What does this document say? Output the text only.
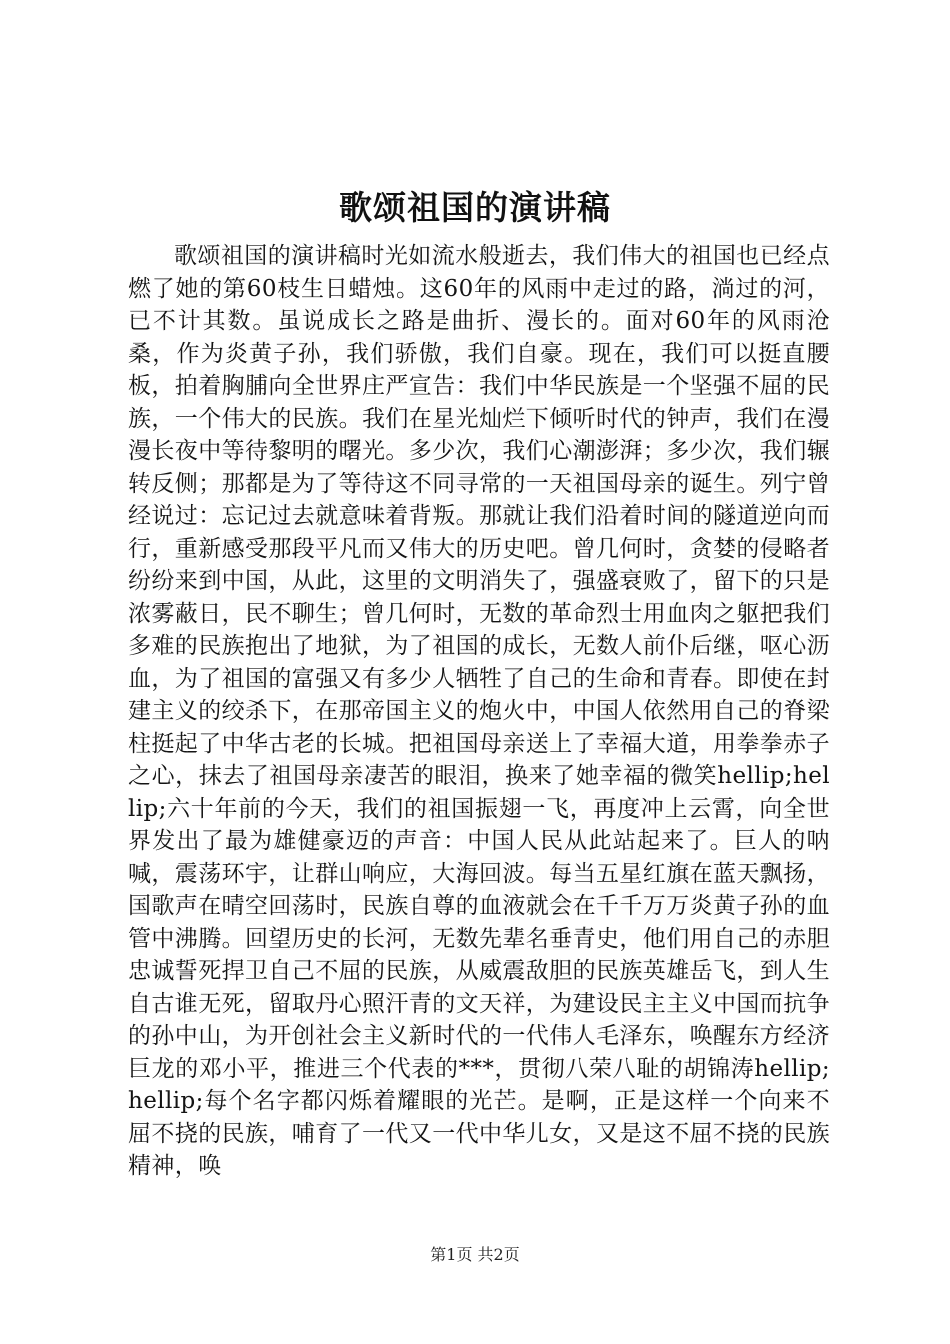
歌颂祖国的演讲稿

歌颂祖国的演讲稿时光如流水般逝去，我们伟大的祖国也已经点燃了她的第60枝生日蜡烛。这60年的风雨中走过的路，淌过的河，已不计其数。虽说成长之路是曲折、漫长的。面对60年的风雨沧桑，作为炎黄子孙，我们骄傲，我们自豪。现在，我们可以挺直腰板，拍着胸脯向全世界庄严宣告：我们中华民族是一个坚强不屈的民族，一个伟大的民族。我们在星光灿烂下倾听时代的钟声，我们在漫漫长夜中等待黎明的曙光。多少次，我们心潮澎湃；多少次，我们辗转反侧；那都是为了等待这不同寻常的一天祖国母亲的诞生。列宁曾经说过：忘记过去就意味着背叛。那就让我们沿着时间的隧道逆向而行，重新感受那段平凡而又伟大的历史吧。曾几何时，贪婪的侵略者纷纷来到中国，从此，这里的文明消失了，强盛衰败了，留下的只是浓雾蔽日，民不聊生；曾几何时，无数的革命烈士用血肉之躯把我们多难的民族抱出了地狱，为了祖国的成长，无数人前仆后继，呕心沥血，为了祖国的富强又有多少人牺牲了自己的生命和青春。即使在封建主义的绞杀下，在那帝国主义的炮火中，中国人依然用自己的脊梁柱挺起了中华古老的长城。把祖国母亲送上了幸福大道，用拳拳赤子之心，抹去了祖国母亲凄苦的眼泪，换来了她幸福的微笑hellip;hellip;六十年前的今天，我们的祖国振翅一飞，再度冲上云霄，向全世界发出了最为雄健豪迈的声音：中国人民从此站起来了。巨人的呐喊，震荡环宇，让群山响应，大海回波。每当五星红旗在蓝天飘扬，国歌声在晴空回荡时，民族自尊的血液就会在千千万万炎黄子孙的血管中沸腾。回望历史的长河，无数先辈名垂青史，他们用自己的赤胆忠诚誓死捍卫自己不屈的民族，从威震敌胆的民族英雄岳飞，到人生自古谁无死，留取丹心照汗青的文天祥，为建设民主主义中国而抗争的孙中山，为开创社会主义新时代的一代伟人毛泽东，唤醒东方经济巨龙的邓小平，推进三个代表的***，贯彻八荣八耻的胡锦涛hellip;hellip;每个名字都闪烁着耀眼的光芒。是啊，正是这样一个向来不屈不挠的民族，哺育了一代又一代中华儿女，又是这不屈不挠的民族精神，唤

第1页 共2页
